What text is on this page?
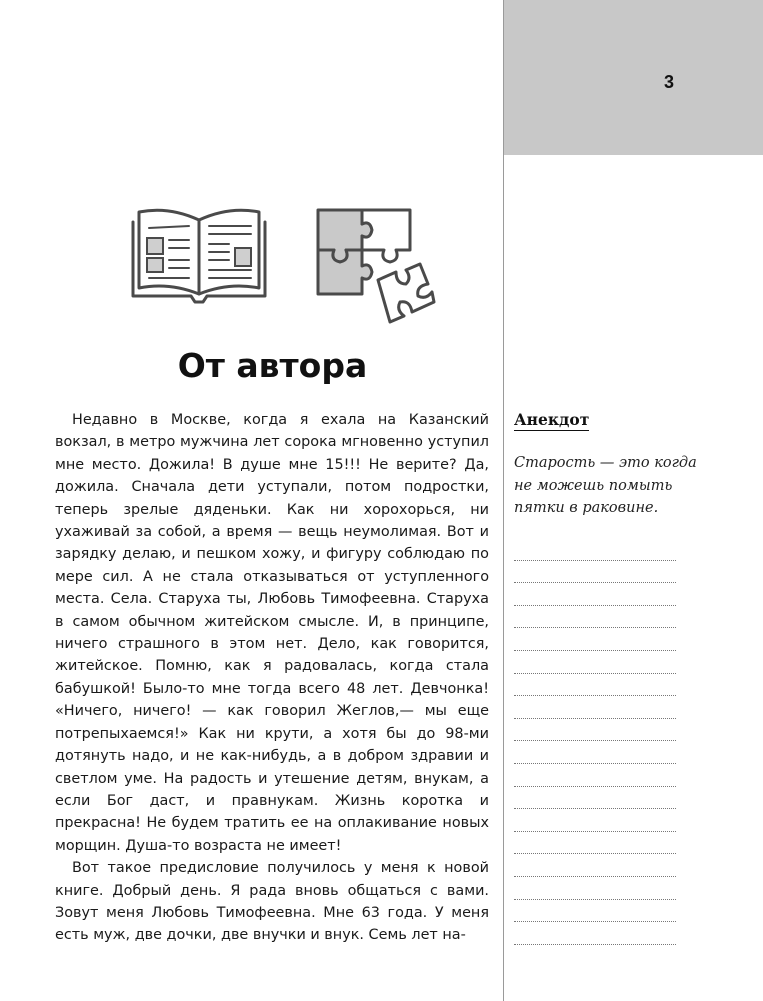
3
Анекдот

Старость — это когда не можешь помыть пятки в раковине.

От автора

Недавно в Москве, когда я ехала на Казанский вокзал, в метро мужчина лет сорока мгновенно уступил мне место. Дожила! В душе мне 15!!! Не верите? Да, дожила. Сначала дети уступали, потом подростки, теперь зрелые дяденьки. Как ни хорохорься, ни ухаживай за собой, а время — вещь неумолимая. Вот и зарядку делаю, и пешком хожу, и фигуру соблюдаю по мере сил. А не стала отказываться от уступленного места. Села. Старуха ты, Любовь Тимофеевна. Старуха в самом обычном житейском смысле. И, в принципе, ничего страшного в этом нет. Дело, как говорится, житейское. Помню, как я радовалась, когда стала бабушкой! Было-то мне тогда всего 48 лет. Девчонка! «Ничего, ничего! — как говорил Жеглов,— мы еще потрепыхаемся!» Как ни крути, а хотя бы до 98-ми дотянуть надо, и не как-нибудь, а в добром здравии и светлом уме. На радость и утешение детям, внукам, а если Бог даст, и правнукам. Жизнь коротка и прекрасна! Не будем тратить ее на оплакивание новых морщин. Душа-то возраста не имеет!

Вот такое предисловие получилось у меня к новой книге. Добрый день. Я рада вновь общаться с вами. Зовут меня Любовь Тимофеевна. Мне 63 года. У меня есть муж, две дочки, две внучки и внук. Семь лет на-
